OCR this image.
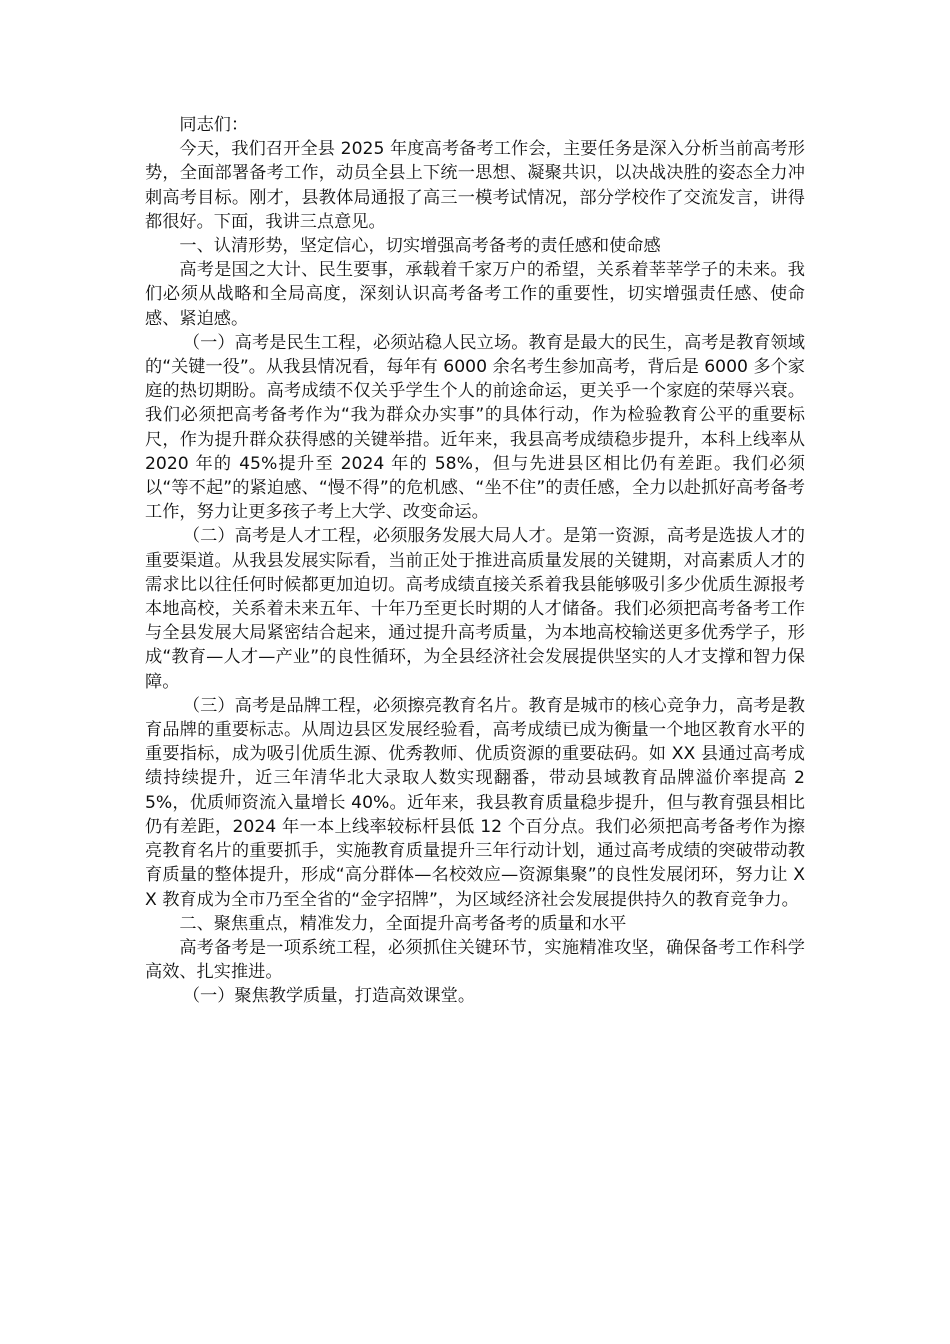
同志们：

今天，我们召开全县 2025 年度高考备考工作会，主要任务是深入分析当前高考形势，全面部署备考工作，动员全县上下统一思想、凝聚共识，以决战决胜的姿态全力冲刺高考目标。刚才，县教体局通报了高三一模考试情况，部分学校作了交流发言，讲得都很好。下面，我讲三点意见。

一、认清形势，坚定信心，切实增强高考备考的责任感和使命感

高考是国之大计、民生要事，承载着千家万户的希望，关系着莘莘学子的未来。我们必须从战略和全局高度，深刻认识高考备考工作的重要性，切实增强责任感、使命感、紧迫感。

（一）高考是民生工程，必须站稳人民立场。教育是最大的民生，高考是教育领域的“关键一役”。从我县情况看，每年有 6000 余名考生参加高考，背后是 6000 多个家庭的热切期盼。高考成绩不仅关乎学生个人的前途命运，更关乎一个家庭的荣辱兴衰。我们必须把高考备考作为“我为群众办实事”的具体行动，作为检验教育公平的重要标尺，作为提升群众获得感的关键举措。近年来，我县高考成绩稳步提升，本科上线率从 2020 年的 45%提升至 2024 年的 58%，但与先进县区相比仍有差距。我们必须以“等不起”的紧迫感、“慢不得”的危机感、“坐不住”的责任感，全力以赴抓好高考备考工作，努力让更多孩子考上大学、改变命运。

（二）高考是人才工程，必须服务发展大局人才。是第一资源，高考是选拔人才的重要渠道。从我县发展实际看，当前正处于推进高质量发展的关键期，对高素质人才的需求比以往任何时候都更加迫切。高考成绩直接关系着我县能够吸引多少优质生源报考本地高校，关系着未来五年、十年乃至更长时期的人才储备。我们必须把高考备考工作与全县发展大局紧密结合起来，通过提升高考质量，为本地高校输送更多优秀学子，形成“教育—人才—产业”的良性循环，为全县经济社会发展提供坚实的人才支撑和智力保障。

（三）高考是品牌工程，必须擦亮教育名片。教育是城市的核心竞争力，高考是教育品牌的重要标志。从周边县区发展经验看，高考成绩已成为衡量一个地区教育水平的重要指标，成为吸引优质生源、优秀教师、优质资源的重要砝码。如 XX 县通过高考成绩持续提升，近三年清华北大录取人数实现翻番，带动县域教育品牌溢价率提高 25%，优质师资流入量增长 40%。近年来，我县教育质量稳步提升，但与教育强县相比仍有差距，2024 年一本上线率较标杆县低 12 个百分点。我们必须把高考备考作为擦亮教育名片的重要抓手，实施教育质量提升三年行动计划，通过高考成绩的突破带动教育质量的整体提升，形成“高分群体—名校效应—资源集聚”的良性发展闭环，努力让 XX 教育成为全市乃至全省的“金字招牌”，为区域经济社会发展提供持久的教育竞争力。

二、聚焦重点，精准发力，全面提升高考备考的质量和水平

高考备考是一项系统工程，必须抓住关键环节，实施精准攻坚，确保备考工作科学高效、扎实推进。

（一）聚焦教学质量，打造高效课堂。
